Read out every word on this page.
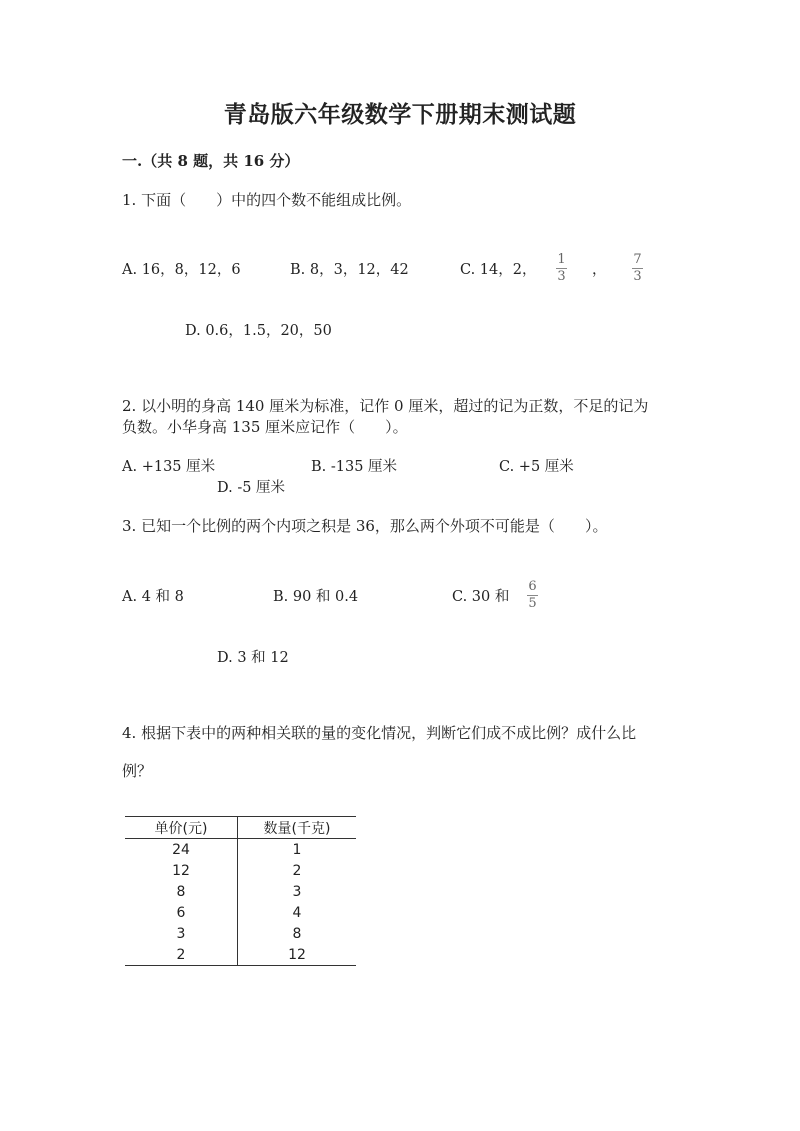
青岛版六年级数学下册期末测试题
一.（共 8 题，共 16 分）
1. 下面（　　）中的四个数不能组成比例。
A. 16，8，12，6	B. 8，3，12，42	C. 14，2，
1
3 ，
7
3
D. 0.6，1.5，20，50
2. 以小明的身高 140 厘米为标准，记作 0 厘米，超过的记为正数，不足的记为
负数。小华身高 135 厘米应记作（　　）。
A. +135 厘米	B. -135 厘米	C. +5 厘米
D. -5 厘米
3. 已知一个比例的两个内项之积是 36，那么两个外项不可能是（　　）。
A. 4 和 8	B. 90 和 0.4	C. 30 和
6
5
D. 3 和 12
4. 根据下表中的两种相关联的量的变化情况，判断它们成不成比例？成什么比
例？
单价(元)	数量(千克)
24	1
12	2
8	3
6	4
3	8
2	12
